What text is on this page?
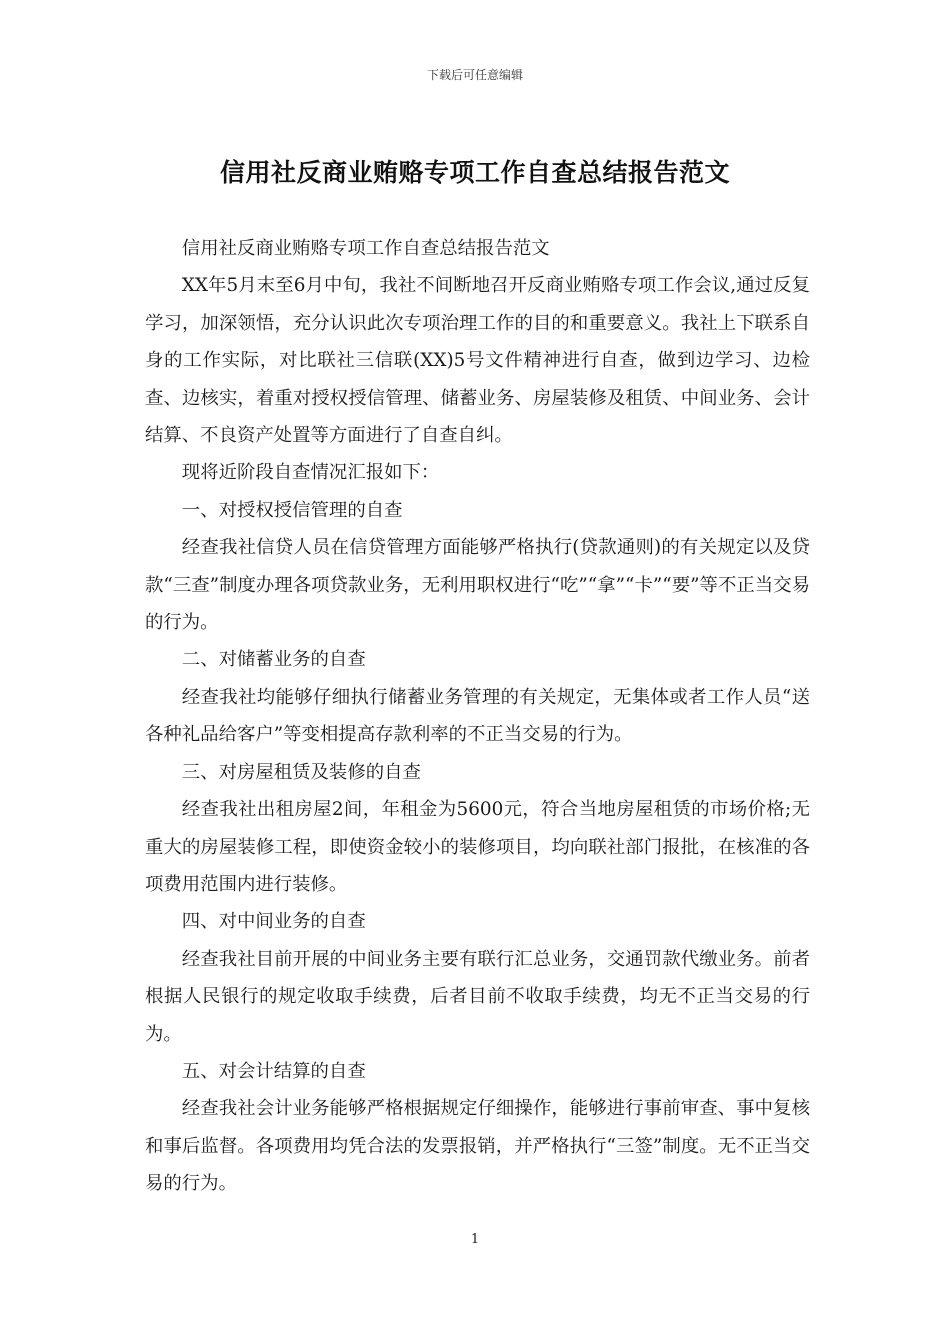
下载后可任意编辑
信用社反商业贿赂专项工作自查总结报告范文

信用社反商业贿赂专项工作自查总结报告范文

XX年5月末至6月中旬，我社不间断地召开反商业贿赂专项工作会议,通过反复学习，加深领悟，充分认识此次专项治理工作的目的和重要意义。我社上下联系自身的工作实际，对比联社三信联(XX)5号文件精神进行自查，做到边学习、边检查、边核实，着重对授权授信管理、储蓄业务、房屋装修及租赁、中间业务、会计结算、不良资产处置等方面进行了自查自纠。

现将近阶段自查情况汇报如下：

一、对授权授信管理的自查

经查我社信贷人员在信贷管理方面能够严格执行(贷款通则)的有关规定以及贷款“三查”制度办理各项贷款业务，无利用职权进行“吃”“拿”“卡”“要”等不正当交易的行为。

二、对储蓄业务的自查

经查我社均能够仔细执行储蓄业务管理的有关规定，无集体或者工作人员“送各种礼品给客户”等变相提高存款利率的不正当交易的行为。

三、对房屋租赁及装修的自查

经查我社出租房屋2间，年租金为5600元，符合当地房屋租赁的市场价格;无重大的房屋装修工程，即使资金较小的装修项目，均向联社部门报批，在核准的各项费用范围内进行装修。

四、对中间业务的自查

经查我社目前开展的中间业务主要有联行汇总业务，交通罚款代缴业务。前者根据人民银行的规定收取手续费，后者目前不收取手续费，均无不正当交易的行为。

五、对会计结算的自查

经查我社会计业务能够严格根据规定仔细操作，能够进行事前审查、事中复核和事后监督。各项费用均凭合法的发票报销，并严格执行“三签”制度。无不正当交易的行为。

1
